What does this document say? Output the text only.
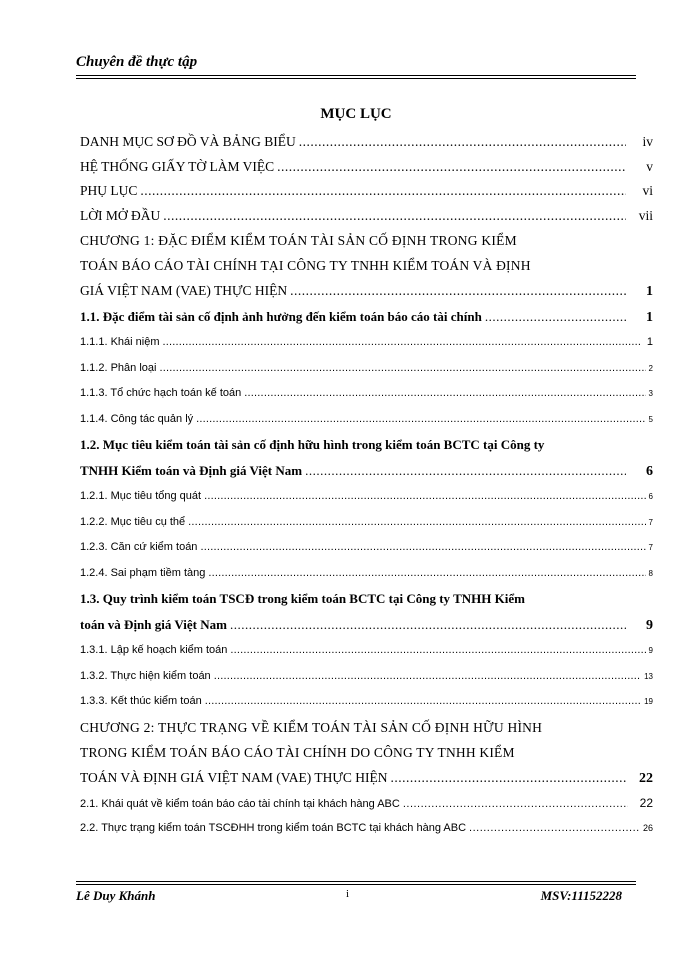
Chuyên đề thực tập
MỤC LỤC
DANH MỤC SƠ ĐỒ VÀ BẢNG BIỂU .....	iv
HỆ THỐNG GIẤY TỜ LÀM VIỆC .....	v
PHỤ LỤC .....	vi
LỜI MỞ ĐẦU .....	vii
CHƯƠNG 1: ĐẶC ĐIỂM KIỂM TOÁN TÀI SẢN CỐ ĐỊNH TRONG KIỂM
TOÁN BÁO CÁO TÀI CHÍNH TẠI CÔNG TY TNHH KIỂM TOÁN VÀ ĐỊNH
GIÁ VIỆT NAM (VAE) THỰC HIỆN .....	1
1.1. Đặc điểm tài sản cố định ảnh hưởng đến kiểm toán báo cáo tài chính .....	1
1.1.1. Khái niệm .....	1
1.1.2. Phân loại .....	2
1.1.3. Tổ chức hạch toán kế toán .....	3
1.1.4. Công tác quản lý .....	5
1.2. Mục tiêu kiểm toán tài sản cố định hữu hình trong kiểm toán BCTC tại Công ty
TNHH Kiểm toán và Định giá Việt Nam .....	6
1.2.1. Mục tiêu tổng quát .....	6
1.2.2. Mục tiêu cụ thể .....	7
1.2.3. Căn cứ kiểm toán .....	7
1.2.4. Sai phạm tiềm tàng .....	8
1.3. Quy trình kiểm toán TSCĐ trong kiểm toán BCTC tại Công ty TNHH Kiểm
toán và Định giá Việt Nam .....	9
1.3.1. Lập kế hoạch kiểm toán .....	9
1.3.2. Thực hiện kiểm toán .....	13
1.3.3. Kết thúc kiểm toán .....	19
CHƯƠNG 2: THỰC TRẠNG VỀ KIỂM TOÁN TÀI SẢN CỐ ĐỊNH HỮU HÌNH
TRONG KIỂM TOÁN BÁO CÁO TÀI CHÍNH DO CÔNG TY TNHH KIỂM
TOÁN VÀ ĐỊNH GIÁ VIỆT NAM (VAE) THỰC HIỆN .....	22
2.1. Khái quát về kiểm toán báo cáo tài chính tại khách hàng ABC .....	22
2.2. Thực trạng kiểm toán TSCĐHH trong kiểm toán BCTC tại khách hàng ABC .....	26
Lê Duy Khánh	i	MSV:11152228
